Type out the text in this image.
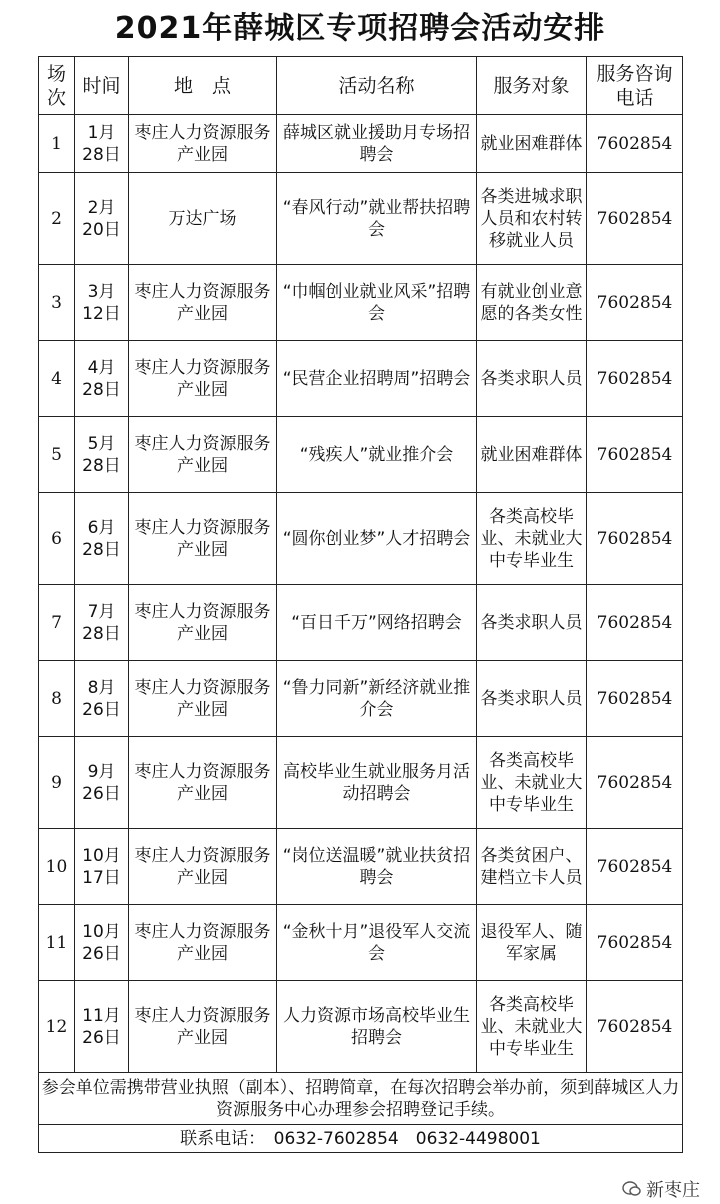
2021年薛城区专项招聘会活动安排
场次	时间	地　点	活动名称	服务对象	服务咨询电话
1	1月28日	枣庄人力资源服务产业园	薛城区就业援助月专场招聘会	就业困难群体	7602854
2	2月20日	万达广场	“春风行动”就业帮扶招聘会	各类进城求职人员和农村转移就业人员	7602854
3	3月12日	枣庄人力资源服务产业园	“巾帼创业就业风采”招聘会	有就业创业意愿的各类女性	7602854
4	4月28日	枣庄人力资源服务产业园	“民营企业招聘周”招聘会	各类求职人员	7602854
5	5月28日	枣庄人力资源服务产业园	“残疾人”就业推介会	就业困难群体	7602854
6	6月28日	枣庄人力资源服务产业园	“圆你创业梦”人才招聘会	各类高校毕业、未就业大中专毕业生	7602854
7	7月28日	枣庄人力资源服务产业园	“百日千万”网络招聘会	各类求职人员	7602854
8	8月26日	枣庄人力资源服务产业园	“鲁力同新”新经济就业推介会	各类求职人员	7602854
9	9月26日	枣庄人力资源服务产业园	高校毕业生就业服务月活动招聘会	各类高校毕业、未就业大中专毕业生	7602854
10	10月17日	枣庄人力资源服务产业园	“岗位送温暖”就业扶贫招聘会	各类贫困户、建档立卡人员	7602854
11	10月26日	枣庄人力资源服务产业园	“金秋十月”退役军人交流会	退役军人、随军家属	7602854
12	11月26日	枣庄人力资源服务产业园	人力资源市场高校毕业生招聘会	各类高校毕业、未就业大中专毕业生	7602854
参会单位需携带营业执照（副本）、招聘简章，在每次招聘会举办前，须到薛城区人力资源服务中心办理参会招聘登记手续。					
联系电话：　0632-7602854　0632-4498001					
新枣庄
